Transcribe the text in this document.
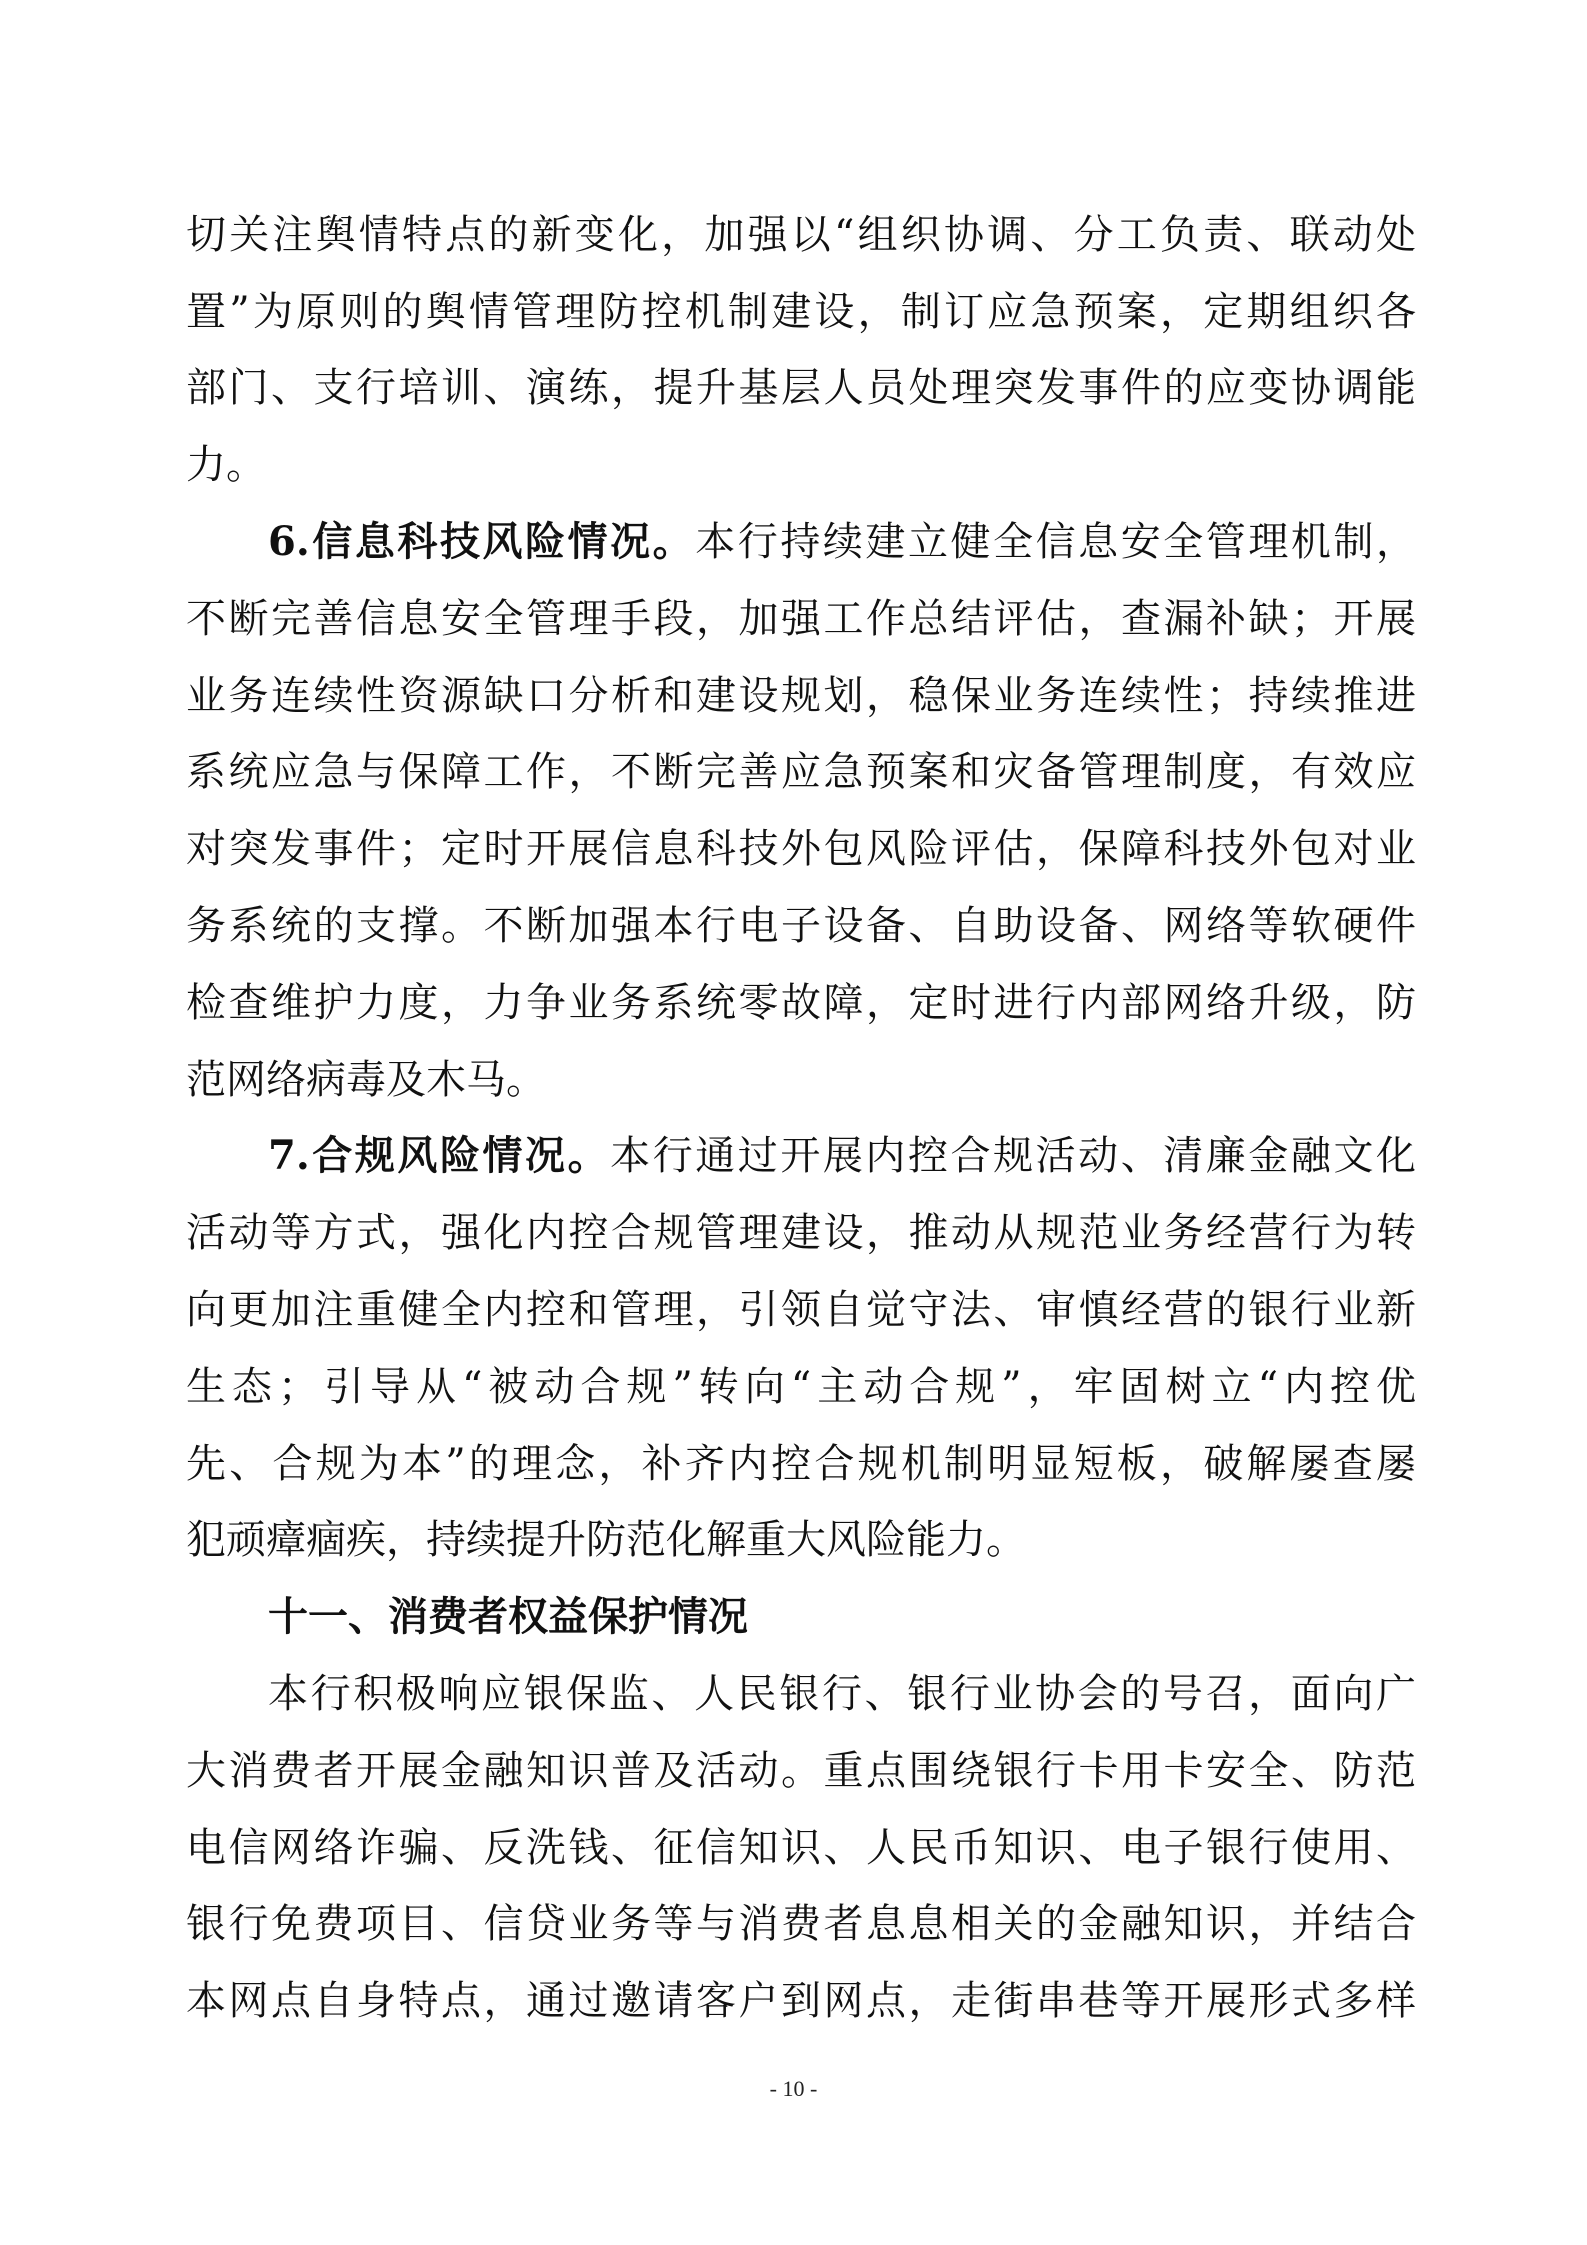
切关注舆情特点的新变化，加强以“组织协调、分工负责、联动处
置”为原则的舆情管理防控机制建设，制订应急预案，定期组织各
部门、支行培训、演练，提升基层人员处理突发事件的应变协调能
力。
6.信息科技风险情况。本行持续建立健全信息安全管理机制，
不断完善信息安全管理手段，加强工作总结评估，查漏补缺；开展
业务连续性资源缺口分析和建设规划，稳保业务连续性；持续推进
系统应急与保障工作，不断完善应急预案和灾备管理制度，有效应
对突发事件；定时开展信息科技外包风险评估，保障科技外包对业
务系统的支撑。不断加强本行电子设备、自助设备、网络等软硬件
检查维护力度，力争业务系统零故障，定时进行内部网络升级，防
范网络病毒及木马。
7.合规风险情况。本行通过开展内控合规活动、清廉金融文化
活动等方式，强化内控合规管理建设，推动从规范业务经营行为转
向更加注重健全内控和管理，引领自觉守法、审慎经营的银行业新
生态；引导从“被动合规”转向“主动合规”，牢固树立“内控优
先、合规为本”的理念，补齐内控合规机制明显短板，破解屡查屡
犯顽瘴痼疾，持续提升防范化解重大风险能力。
十一、消费者权益保护情况
本行积极响应银保监、人民银行、银行业协会的号召，面向广
大消费者开展金融知识普及活动。重点围绕银行卡用卡安全、防范
电信网络诈骗、反洗钱、征信知识、人民币知识、电子银行使用、
银行免费项目、信贷业务等与消费者息息相关的金融知识，并结合
本网点自身特点，通过邀请客户到网点，走街串巷等开展形式多样
- 10 -
